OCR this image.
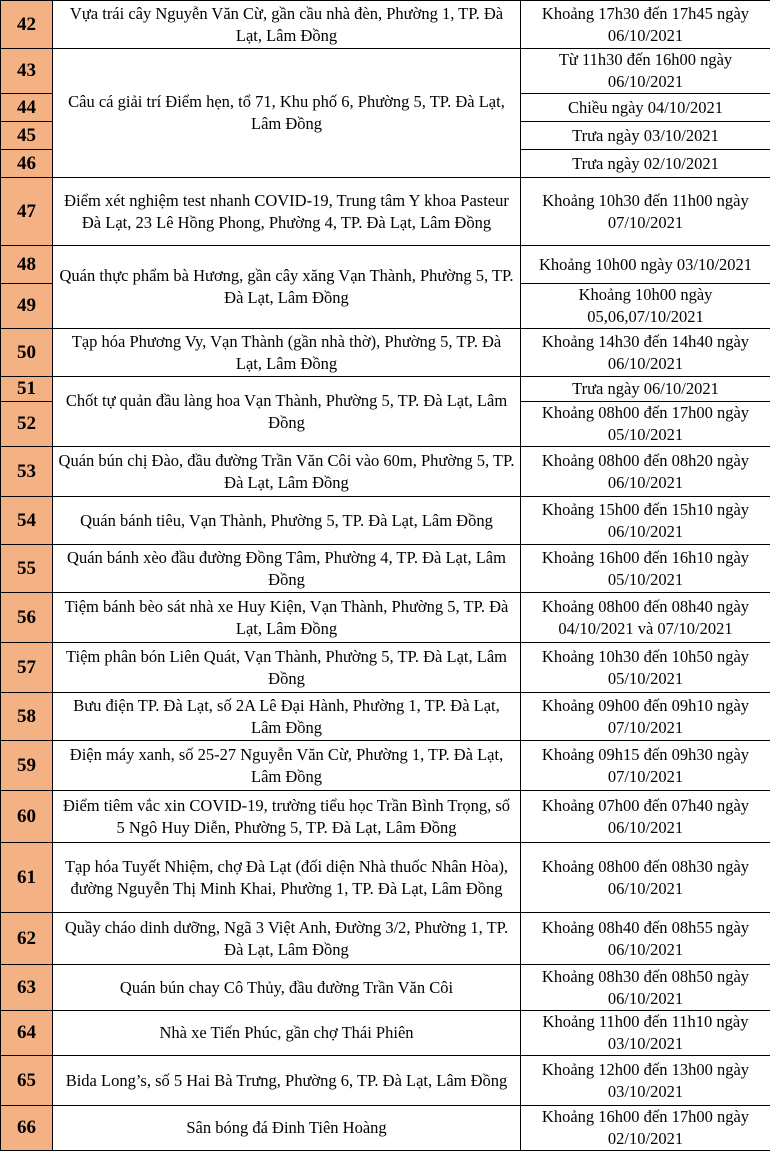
42	Vựa trái cây Nguyễn Văn Cừ, gần cầu nhà đèn, Phường 1, TP. Đà Lạt, Lâm Đồng	Khoảng 17h30 đến 17h45 ngày 06/10/2021
43	Câu cá giải trí Điểm hẹn, tổ 71, Khu phố 6, Phường 5, TP. Đà Lạt, Lâm Đồng	Từ 11h30 đến 16h00 ngày 06/10/2021
44		Chiều ngày 04/10/2021
45		Trưa ngày 03/10/2021
46		Trưa ngày 02/10/2021
47	Điểm xét nghiệm test nhanh COVID-19, Trung tâm Y khoa Pasteur Đà Lạt, 23 Lê Hồng Phong, Phường 4, TP. Đà Lạt, Lâm Đồng	Khoảng 10h30 đến 11h00 ngày 07/10/2021
48	Quán thực phẩm bà Hương, gần cây xăng Vạn Thành, Phường 5, TP. Đà Lạt, Lâm Đồng	Khoảng 10h00 ngày 03/10/2021
49		Khoảng 10h00 ngày 05,06,07/10/2021
50	Tạp hóa Phương Vy, Vạn Thành (gần nhà thờ), Phường 5, TP. Đà Lạt, Lâm Đồng	Khoảng 14h30 đến 14h40 ngày 06/10/2021
51	Chốt tự quản đầu làng hoa Vạn Thành, Phường 5, TP. Đà Lạt, Lâm Đồng	Trưa ngày 06/10/2021
52		Khoảng 08h00 đến 17h00 ngày 05/10/2021
53	Quán bún chị Đào, đầu đường Trần Văn Côi vào 60m, Phường 5, TP. Đà Lạt, Lâm Đồng	Khoảng 08h00 đến 08h20 ngày 06/10/2021
54	Quán bánh tiêu, Vạn Thành, Phường 5, TP. Đà Lạt, Lâm Đồng	Khoảng 15h00 đến 15h10 ngày 06/10/2021
55	Quán bánh xèo đầu đường Đồng Tâm, Phường 4, TP. Đà Lạt, Lâm Đồng	Khoảng 16h00 đến 16h10 ngày 05/10/2021
56	Tiệm bánh bèo sát nhà xe Huy Kiện, Vạn Thành, Phường 5, TP. Đà Lạt, Lâm Đồng	Khoảng 08h00 đến 08h40 ngày 04/10/2021 và 07/10/2021
57	Tiệm phân bón Liên Quát, Vạn Thành, Phường 5, TP. Đà Lạt, Lâm Đồng	Khoảng 10h30 đến 10h50 ngày 05/10/2021
58	Bưu điện TP. Đà Lạt, số 2A Lê Đại Hành, Phường 1, TP. Đà Lạt, Lâm Đồng	Khoảng 09h00 đến 09h10 ngày 07/10/2021
59	Điện máy xanh, số 25-27 Nguyễn Văn Cừ, Phường 1, TP. Đà Lạt, Lâm Đồng	Khoảng 09h15 đến 09h30 ngày 07/10/2021
60	Điểm tiêm vắc xin COVID-19, trường tiểu học Trần Bình Trọng, số 5 Ngô Huy Diễn, Phường 5, TP. Đà Lạt, Lâm Đồng	Khoảng 07h00 đến 07h40 ngày 06/10/2021
61	Tạp hóa Tuyết Nhiệm, chợ Đà Lạt (đối diện Nhà thuốc Nhân Hòa), đường Nguyễn Thị Minh Khai, Phường 1, TP. Đà Lạt, Lâm Đồng	Khoảng 08h00 đến 08h30 ngày 06/10/2021
62	Quầy cháo dinh dưỡng, Ngã 3 Việt Anh, Đường 3/2, Phường 1, TP. Đà Lạt, Lâm Đồng	Khoảng 08h40 đến 08h55 ngày 06/10/2021
63	Quán bún chay Cô Thủy, đầu đường Trần Văn Côi	Khoảng 08h30 đến 08h50 ngày 06/10/2021
64	Nhà xe Tiến Phúc, gần chợ Thái Phiên	Khoảng 11h00 đến 11h10 ngày 03/10/2021
65	Bida Long’s, số 5 Hai Bà Trưng, Phường 6, TP. Đà Lạt, Lâm Đồng	Khoảng 12h00 đến 13h00 ngày 03/10/2021
66	Sân bóng đá Đinh Tiên Hoàng	Khoảng 16h00 đến 17h00 ngày 02/10/2021
